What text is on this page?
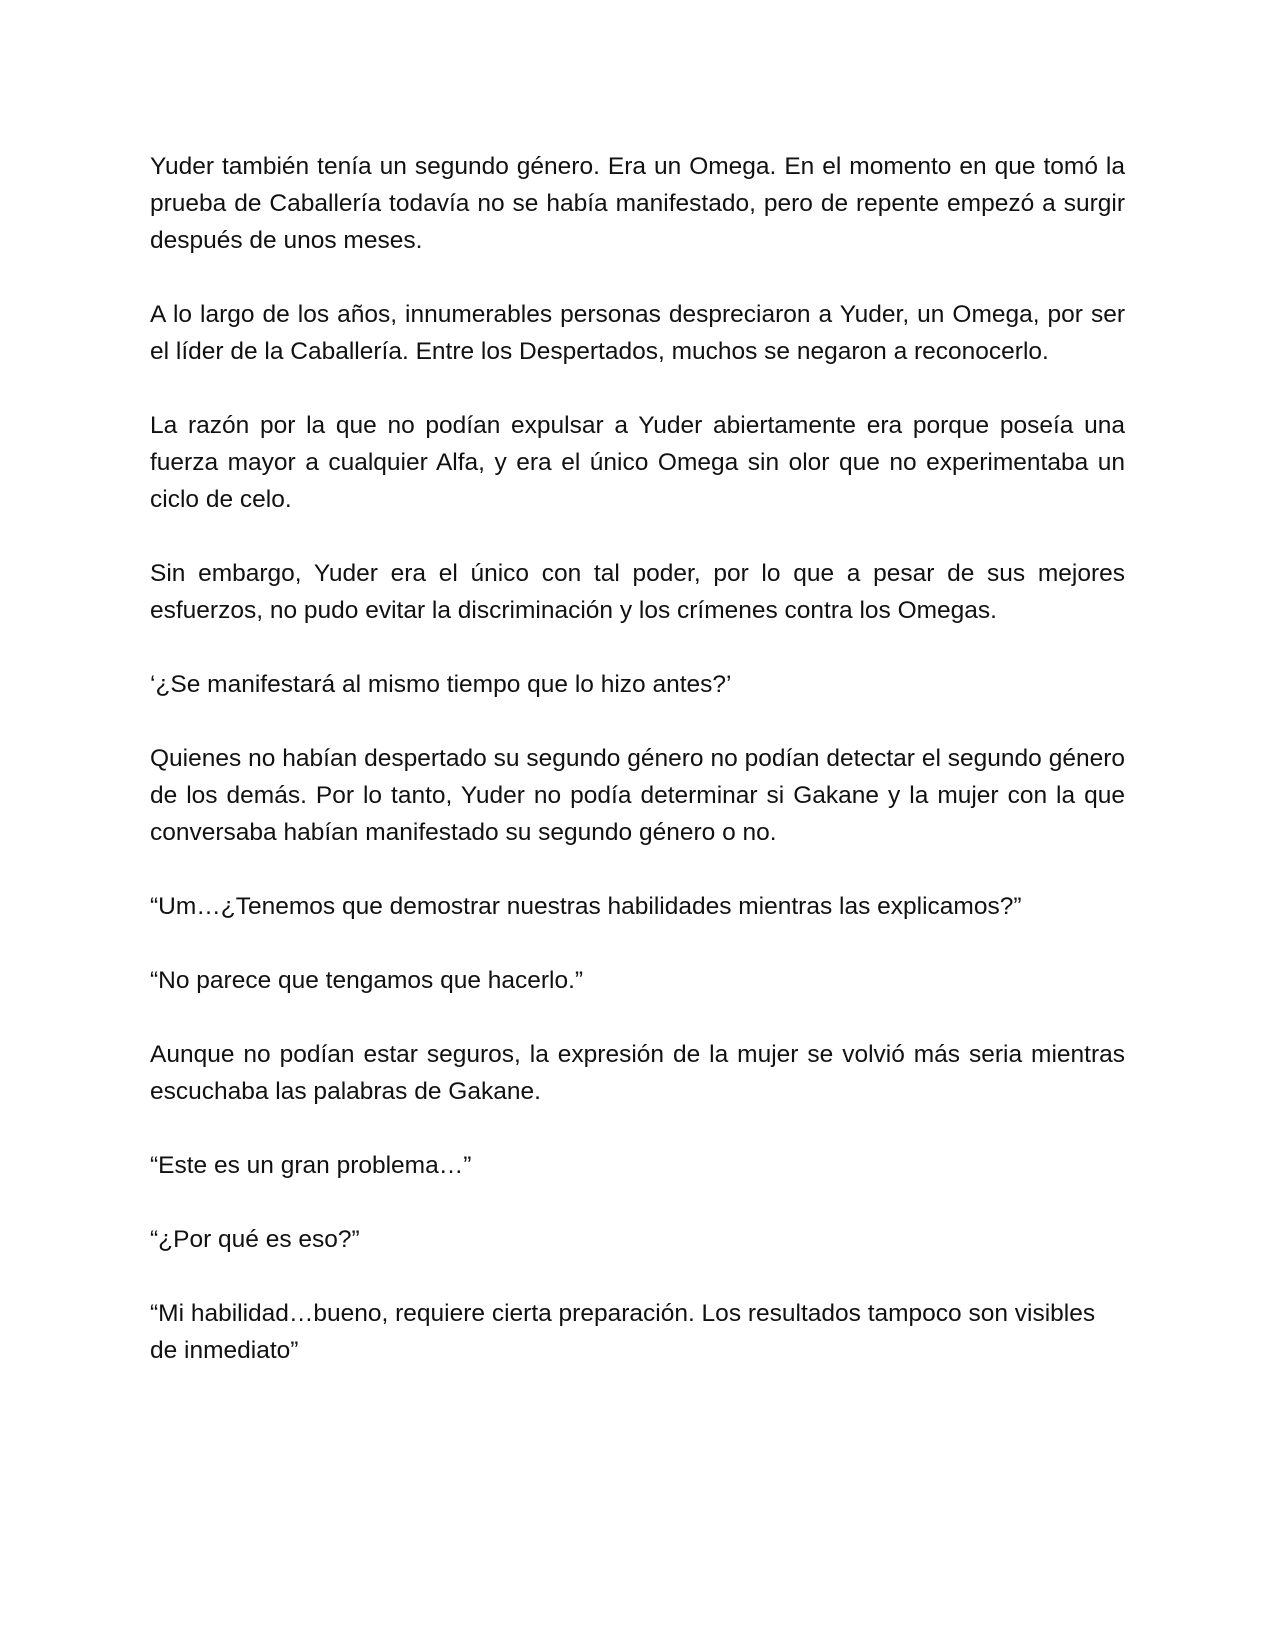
Yuder también tenía un segundo género. Era un Omega. En el momento en que tomó la prueba de Caballería todavía no se había manifestado, pero de repente empezó a surgir después de unos meses.

A lo largo de los años, innumerables personas despreciaron a Yuder, un Omega, por ser el líder de la Caballería. Entre los Despertados, muchos se negaron a reconocerlo.

La razón por la que no podían expulsar a Yuder abiertamente era porque poseía una fuerza mayor a cualquier Alfa, y era el único Omega sin olor que no experimentaba un ciclo de celo.

Sin embargo, Yuder era el único con tal poder, por lo que a pesar de sus mejores esfuerzos, no pudo evitar la discriminación y los crímenes contra los Omegas.

‘¿Se manifestará al mismo tiempo que lo hizo antes?’

Quienes no habían despertado su segundo género no podían detectar el segundo género de los demás. Por lo tanto, Yuder no podía determinar si Gakane y la mujer con la que conversaba habían manifestado su segundo género o no.

“Um…¿Tenemos que demostrar nuestras habilidades mientras las explicamos?”

“No parece que tengamos que hacerlo.”

Aunque no podían estar seguros, la expresión de la mujer se volvió más seria mientras escuchaba las palabras de Gakane.

“Este es un gran problema…”

“¿Por qué es eso?”

“Mi habilidad…bueno, requiere cierta preparación. Los resultados tampoco son visibles de inmediato”
